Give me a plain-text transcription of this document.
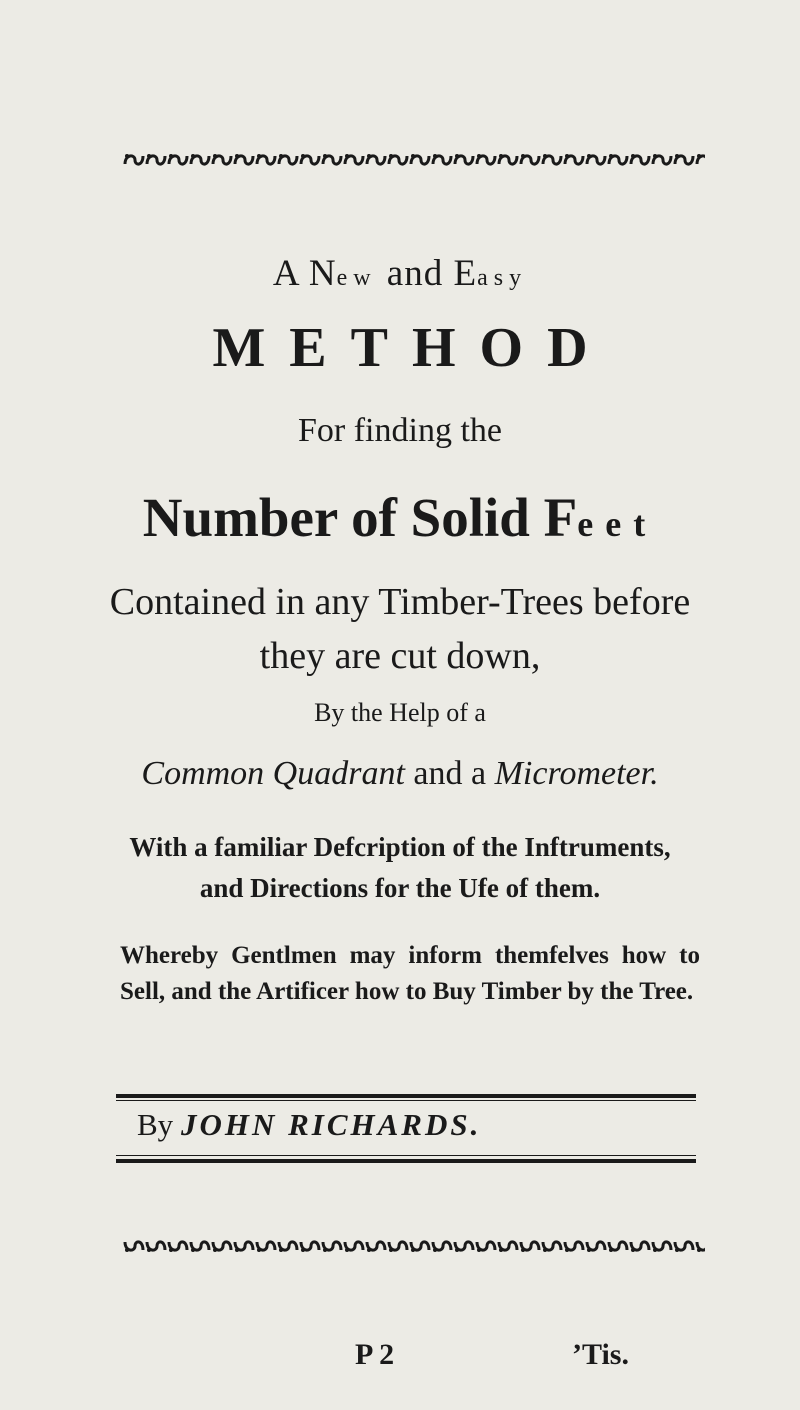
A New and Easy
METHOD
For finding the
Number of Solid Feet
Contained in any Timber-Trees before
they are cut down,
By the Help of a
Common Quadrant and a Micrometer.
With a familiar Defcription of the Inftruments,
and Directions for the Ufe of them.
Whereby Gentlmen may inform themfelves how to Sell, and the Artificer how to Buy Timber by the Tree.
By JOHN RICHARDS.
P 2	’Tis.
